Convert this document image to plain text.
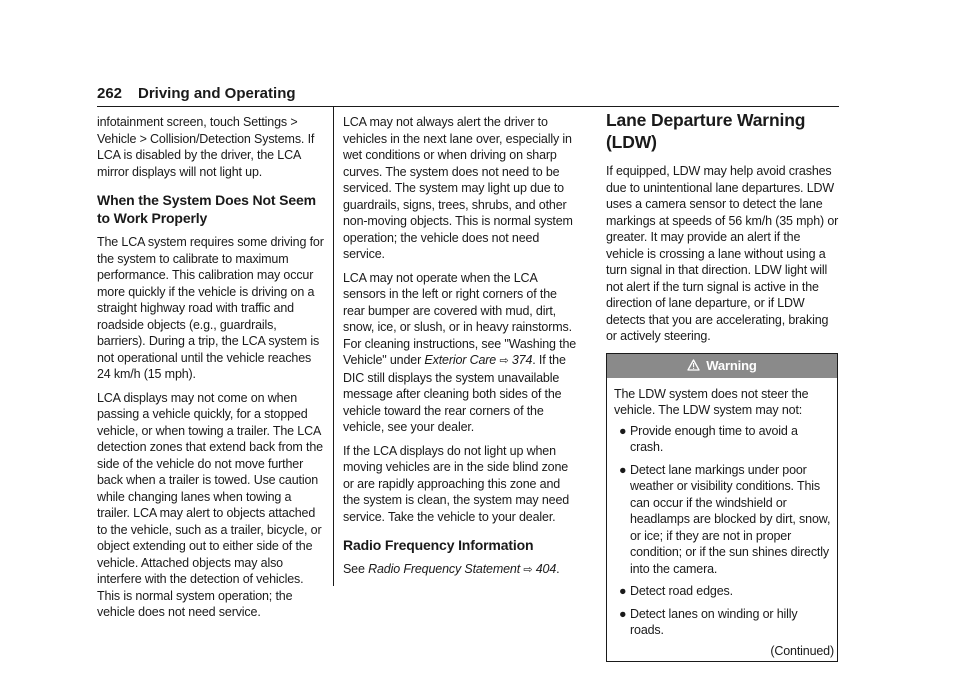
262 Driving and Operating

infotainment screen, touch Settings > Vehicle > Collision/Detection Systems. If LCA is disabled by the driver, the LCA mirror displays will not light up.

When the System Does Not Seem to Work Properly

The LCA system requires some driving for the system to calibrate to maximum performance. This calibration may occur more quickly if the vehicle is driving on a straight highway road with traffic and roadside objects (e.g., guardrails, barriers). During a trip, the LCA system is not operational until the vehicle reaches 24 km/h (15 mph).

LCA displays may not come on when passing a vehicle quickly, for a stopped vehicle, or when towing a trailer. The LCA detection zones that extend back from the side of the vehicle do not move further back when a trailer is towed. Use caution while changing lanes when towing a trailer. LCA may alert to objects attached to the vehicle, such as a trailer, bicycle, or object extending out to either side of the vehicle. Attached objects may also interfere with the detection of vehicles. This is normal system operation; the vehicle does not need service.

LCA may not always alert the driver to vehicles in the next lane over, especially in wet conditions or when driving on sharp curves. The system does not need to be serviced. The system may light up due to guardrails, signs, trees, shrubs, and other non-moving objects. This is normal system operation; the vehicle does not need service.

LCA may not operate when the LCA sensors in the left or right corners of the rear bumper are covered with mud, dirt, snow, ice, or slush, or in heavy rainstorms. For cleaning instructions, see "Washing the Vehicle" under Exterior Care ⇨ 374. If the DIC still displays the system unavailable message after cleaning both sides of the vehicle toward the rear corners of the vehicle, see your dealer.

If the LCA displays do not light up when moving vehicles are in the side blind zone or are rapidly approaching this zone and the system is clean, the system may need service. Take the vehicle to your dealer.

Radio Frequency Information

See Radio Frequency Statement ⇨ 404.

Lane Departure Warning (LDW)

If equipped, LDW may help avoid crashes due to unintentional lane departures. LDW uses a camera sensor to detect the lane markings at speeds of 56 km/h (35 mph) or greater. It may provide an alert if the vehicle is crossing a lane without using a turn signal in that direction. LDW light will not alert if the turn signal is active in the direction of lane departure, or if LDW detects that you are accelerating, braking or actively steering.

Warning

The LDW system does not steer the vehicle. The LDW system may not:

● Provide enough time to avoid a crash.
● Detect lane markings under poor weather or visibility conditions. This can occur if the windshield or headlamps are blocked by dirt, snow, or ice; if they are not in proper condition; or if the sun shines directly into the camera.
● Detect road edges.
● Detect lanes on winding or hilly roads.
(Continued)
